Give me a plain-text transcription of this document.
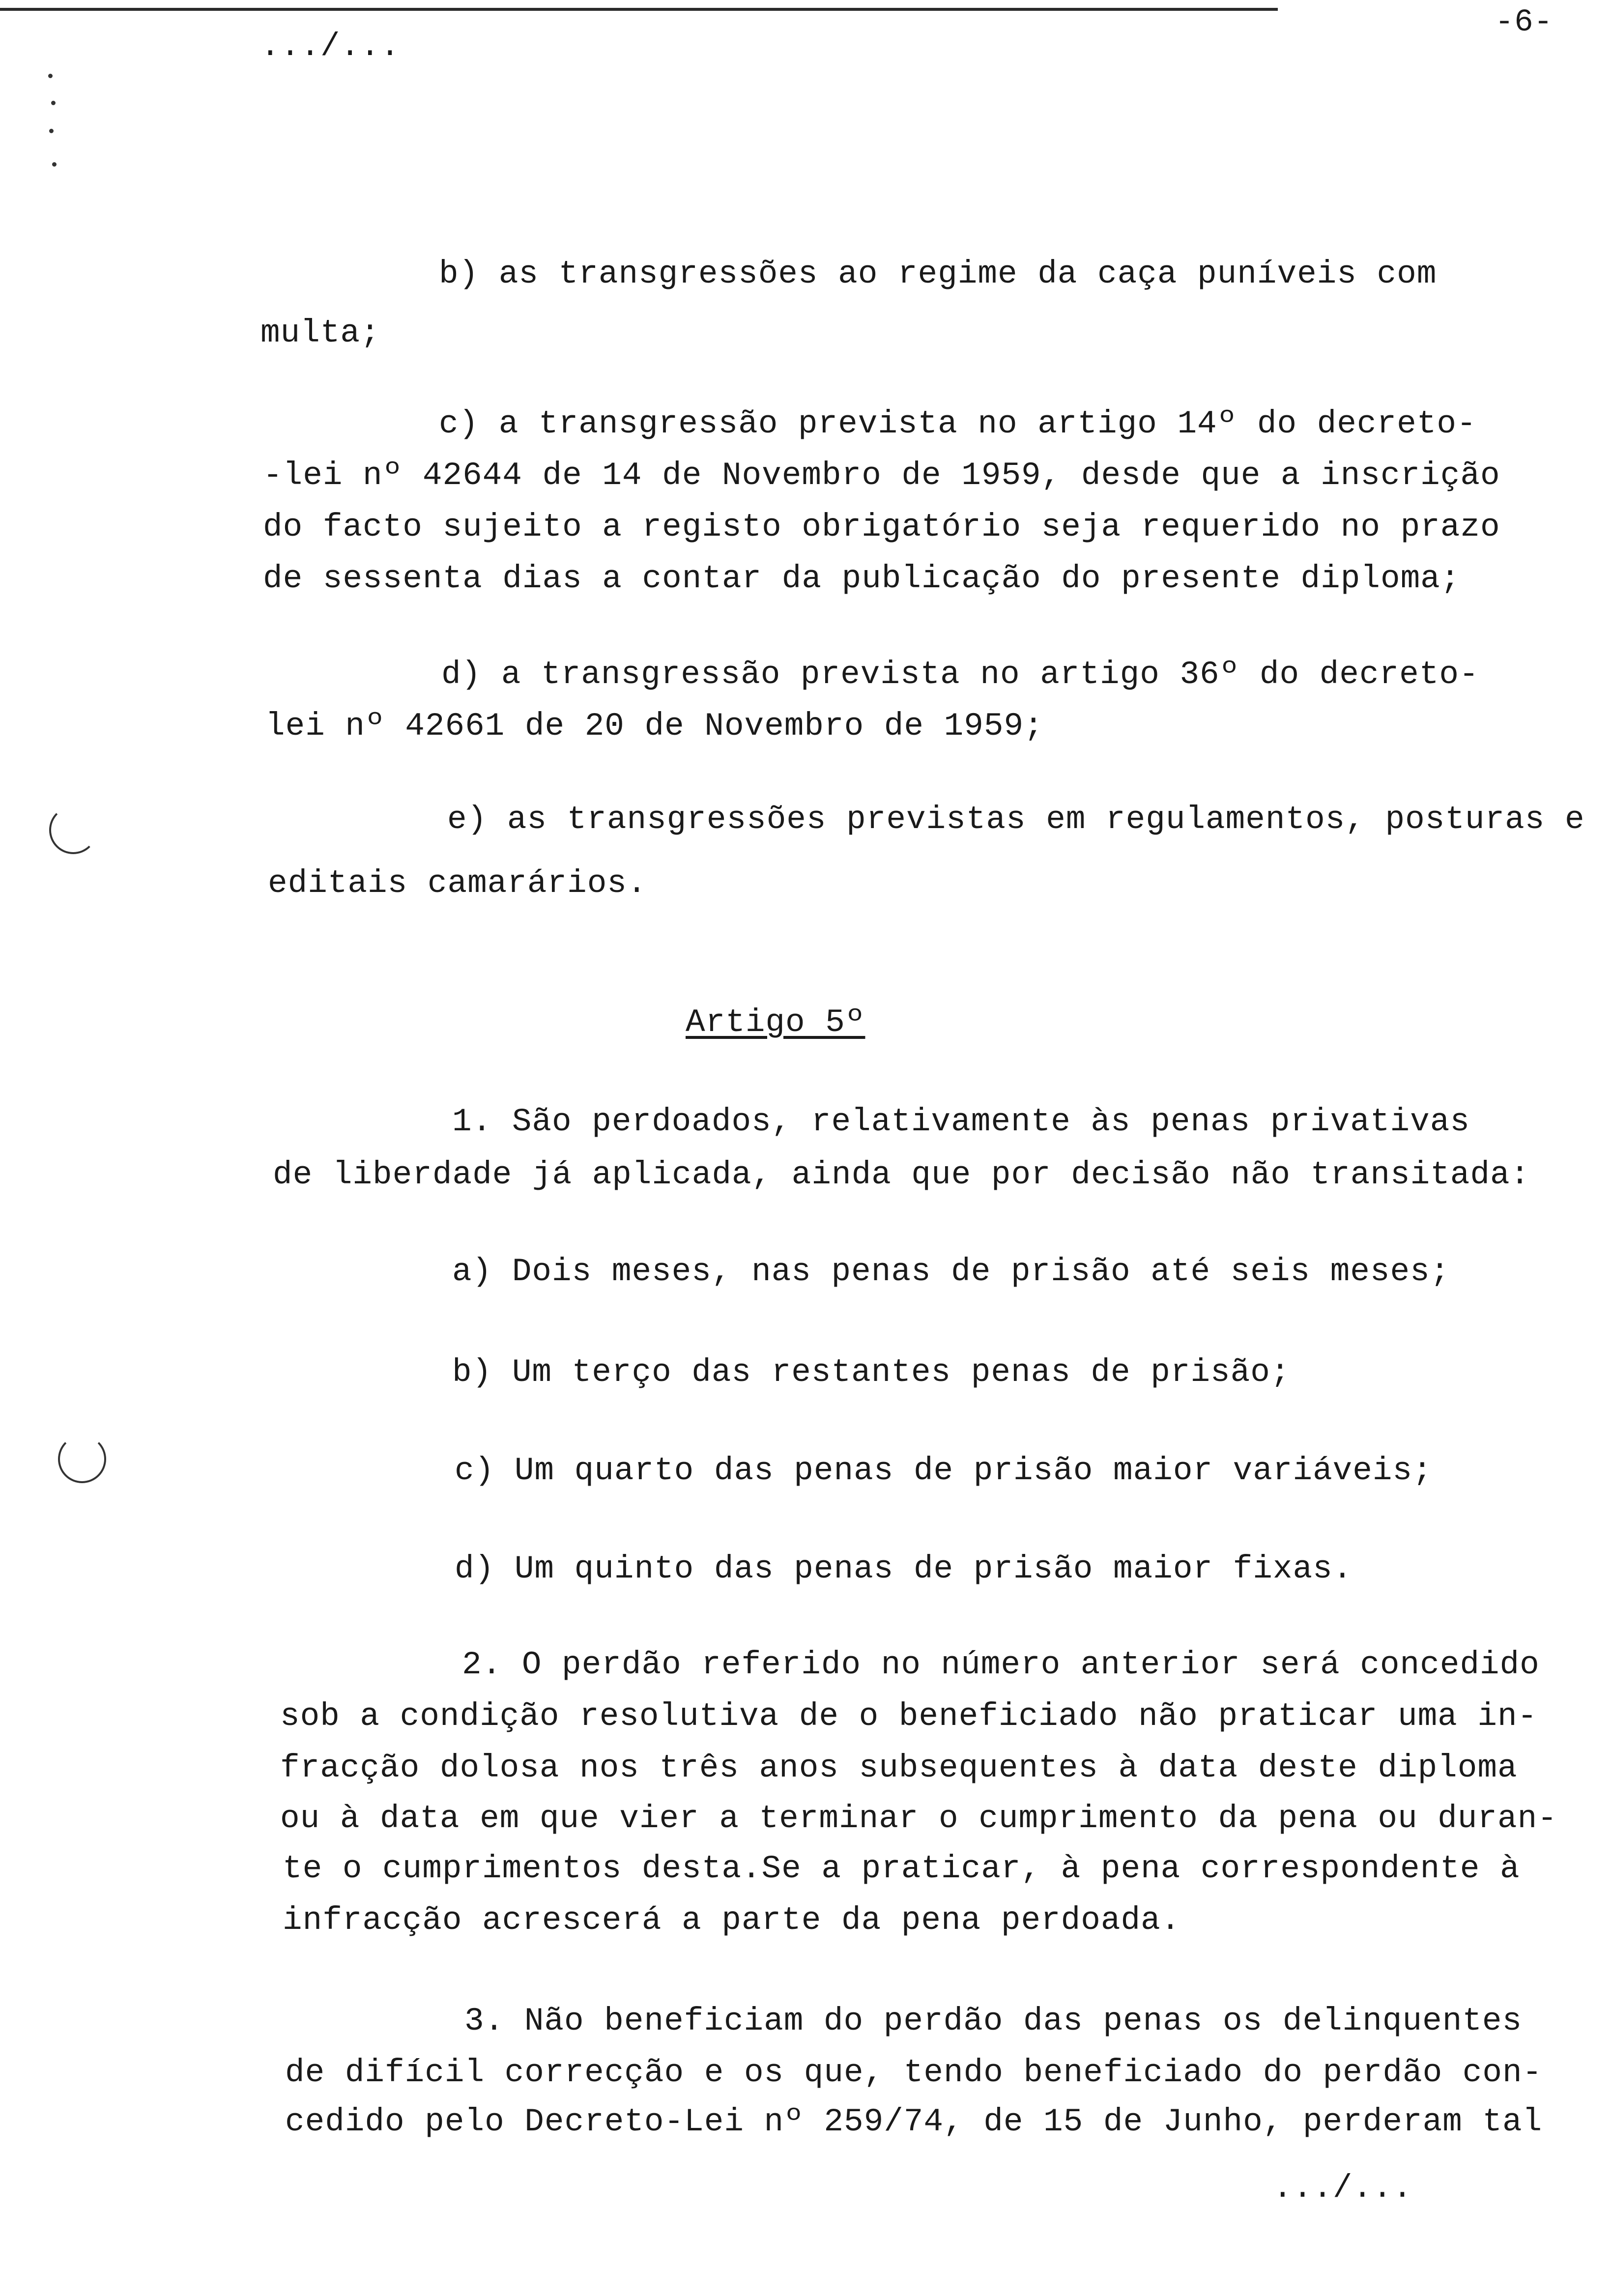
-6-
.../...
b) as transgressões ao regime da caça puníveis com
multa;
c) a transgressão prevista no artigo 14º do decreto-
-lei nº 42644 de 14 de Novembro de 1959, desde que a inscrição
do facto sujeito a registo obrigatório seja requerido no prazo
de sessenta dias a contar da publicação do presente diploma;
d) a transgressão prevista no artigo 36º do decreto-
lei nº 42661 de 20 de Novembro de 1959;
e) as transgressões previstas em regulamentos, posturas e
editais camarários.
Artigo 5º
1. São perdoados, relativamente às penas privativas
de liberdade já aplicada, ainda que por decisão não transitada:
a) Dois meses, nas penas de prisão até seis meses;
b) Um terço das restantes penas de prisão;
c) Um quarto das penas de prisão maior variáveis;
d) Um quinto das penas de prisão maior fixas.
2. O perdão referido no número anterior será concedido
sob a condição resolutiva de o beneficiado não praticar uma in-
fracção dolosa nos três anos subsequentes à data deste diploma
ou à data em que vier a terminar o cumprimento da pena ou duran-
te o cumprimentos desta.Se a praticar, à pena correspondente à
infracção acrescerá a parte da pena perdoada.
3. Não beneficiam do perdão das penas os delinquentes
de difícil correcção e os que, tendo beneficiado do perdão con-
cedido pelo Decreto-Lei nº 259/74, de 15 de Junho, perderam tal
.../...
